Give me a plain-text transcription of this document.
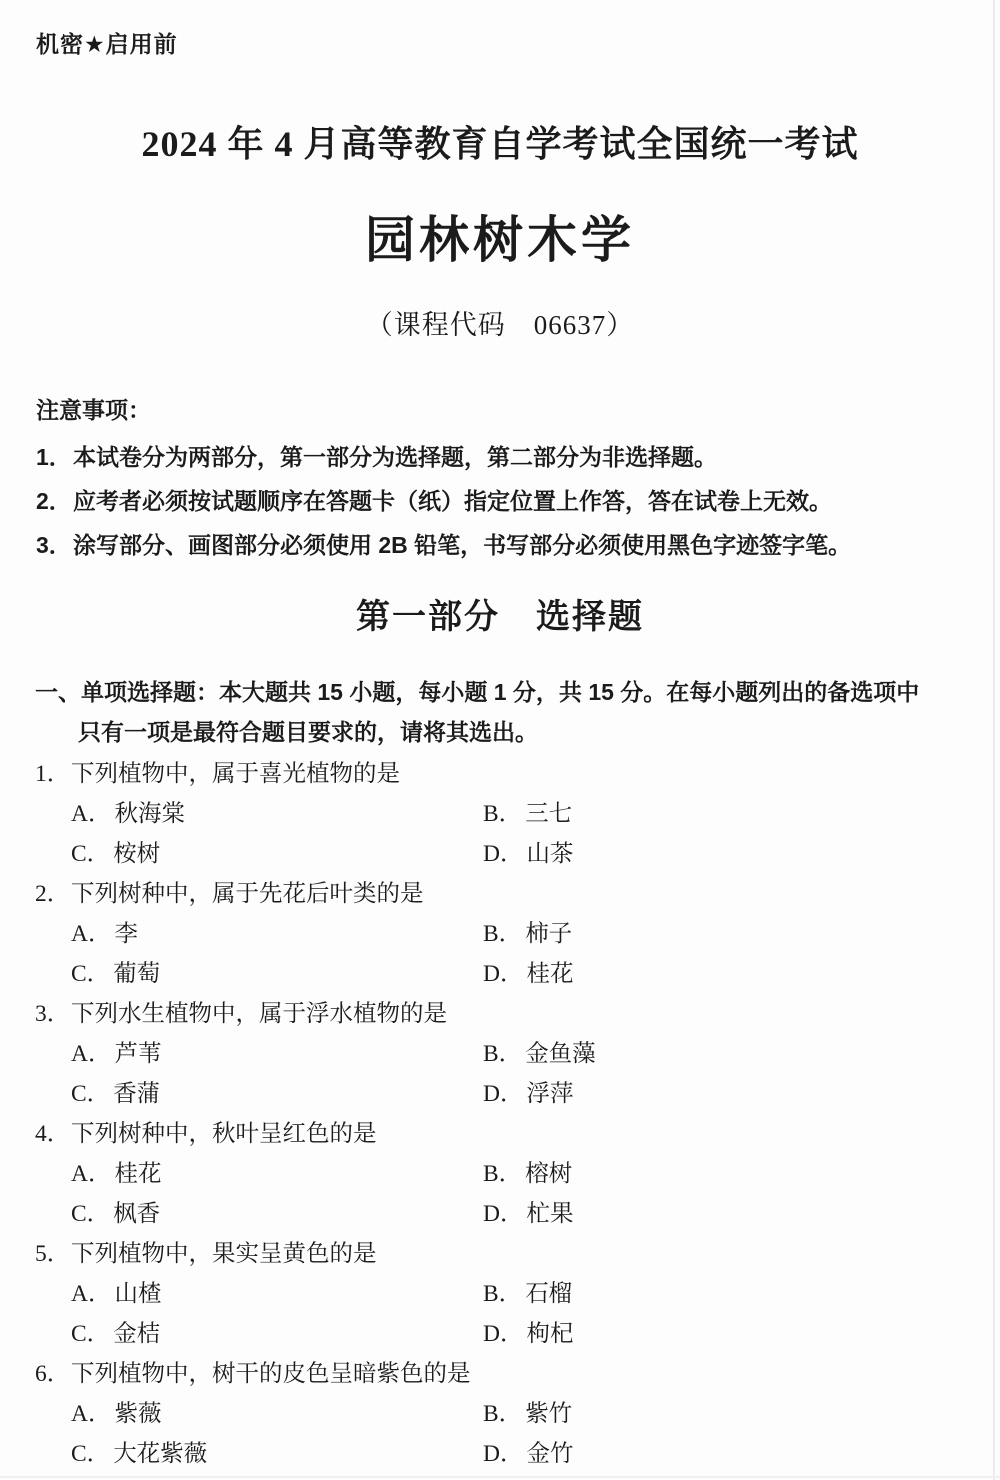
机密★启用前
2024 年 4 月高等教育自学考试全国统一考试
园林树木学
（课程代码　06637）
注意事项：
1．本试卷分为两部分，第一部分为选择题，第二部分为非选择题。
2．应考者必须按试题顺序在答题卡（纸）指定位置上作答，答在试卷上无效。
3．涂写部分、画图部分必须使用 2B 铅笔，书写部分必须使用黑色字迹签字笔。
第一部分　选择题
一、单项选择题：本大题共 15 小题，每小题 1 分，共 15 分。在每小题列出的备选项中
只有一项是最符合题目要求的，请将其选出。
1．下列植物中，属于喜光植物的是
A． 秋海棠	B． 三七
C． 桉树	D． 山茶
2．下列树种中，属于先花后叶类的是
A． 李	B． 柿子
C． 葡萄	D． 桂花
3．下列水生植物中，属于浮水植物的是
A． 芦苇	B． 金鱼藻
C． 香蒲	D． 浮萍
4．下列树种中，秋叶呈红色的是
A． 桂花	B． 榕树
C． 枫香	D． 杧果
5．下列植物中，果实呈黄色的是
A． 山楂	B． 石榴
C． 金桔	D． 枸杞
6．下列植物中，树干的皮色呈暗紫色的是
A． 紫薇	B． 紫竹
C． 大花紫薇	D． 金竹
